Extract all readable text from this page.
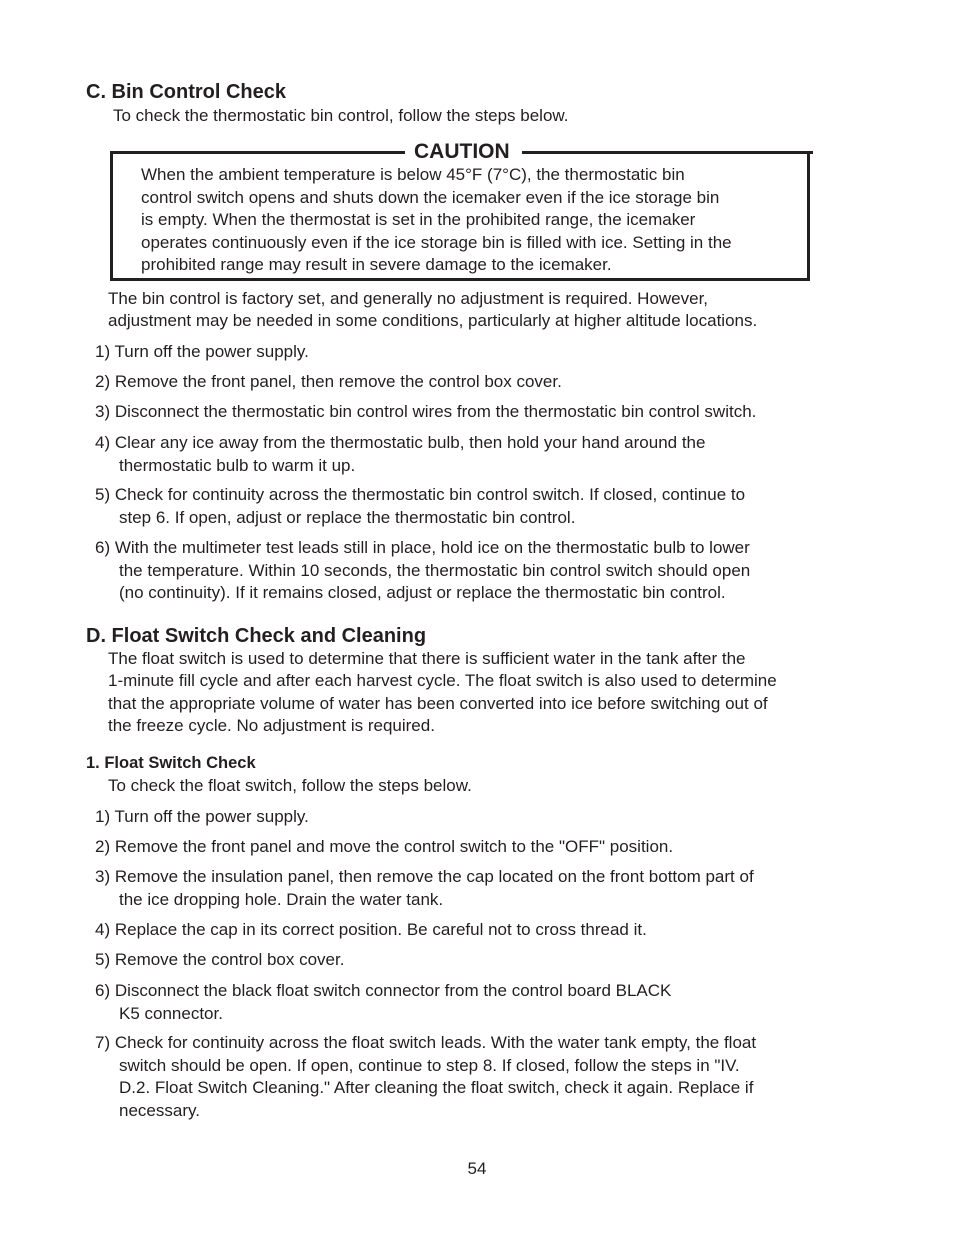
C. Bin Control Check
To check the thermostatic bin control, follow the steps below.
CAUTION
When the ambient temperature is below 45°F (7°C), the thermostatic bin
control switch opens and shuts down the icemaker even if the ice storage bin
is empty. When the thermostat is set in the prohibited range, the icemaker
operates continuously even if the ice storage bin is filled with ice. Setting in the
prohibited range may result in severe damage to the icemaker.
The bin control is factory set, and generally no adjustment is required. However,
adjustment may be needed in some conditions, particularly at higher altitude locations.
1) Turn off the power supply.
2) Remove the front panel, then remove the control box cover.
3) Disconnect the thermostatic bin control wires from the thermostatic bin control switch.
4) Clear any ice away from the thermostatic bulb, then hold your hand around the
thermostatic bulb to warm it up.
5) Check for continuity across the thermostatic bin control switch. If closed, continue to
step 6. If open, adjust or replace the thermostatic bin control.
6) With the multimeter test leads still in place, hold ice on the thermostatic bulb to lower
the temperature. Within 10 seconds, the thermostatic bin control switch should open
(no continuity). If it remains closed, adjust or replace the thermostatic bin control.
D. Float Switch Check and Cleaning
The float switch is used to determine that there is sufficient water in the tank after the
1-minute fill cycle and after each harvest cycle. The float switch is also used to determine
that the appropriate volume of water has been converted into ice before switching out of
the freeze cycle. No adjustment is required.
1. Float Switch Check
To check the float switch, follow the steps below.
1) Turn off the power supply.
2) Remove the front panel and move the control switch to the "OFF" position.
3) Remove the insulation panel, then remove the cap located on the front bottom part of
the ice dropping hole. Drain the water tank.
4) Replace the cap in its correct position. Be careful not to cross thread it.
5) Remove the control box cover.
6) Disconnect the black float switch connector from the control board BLACK
K5 connector.
7) Check for continuity across the float switch leads. With the water tank empty, the float
switch should be open. If open, continue to step 8. If closed, follow the steps in "IV.
D.2. Float Switch Cleaning." After cleaning the float switch, check it again. Replace if
necessary.
54
